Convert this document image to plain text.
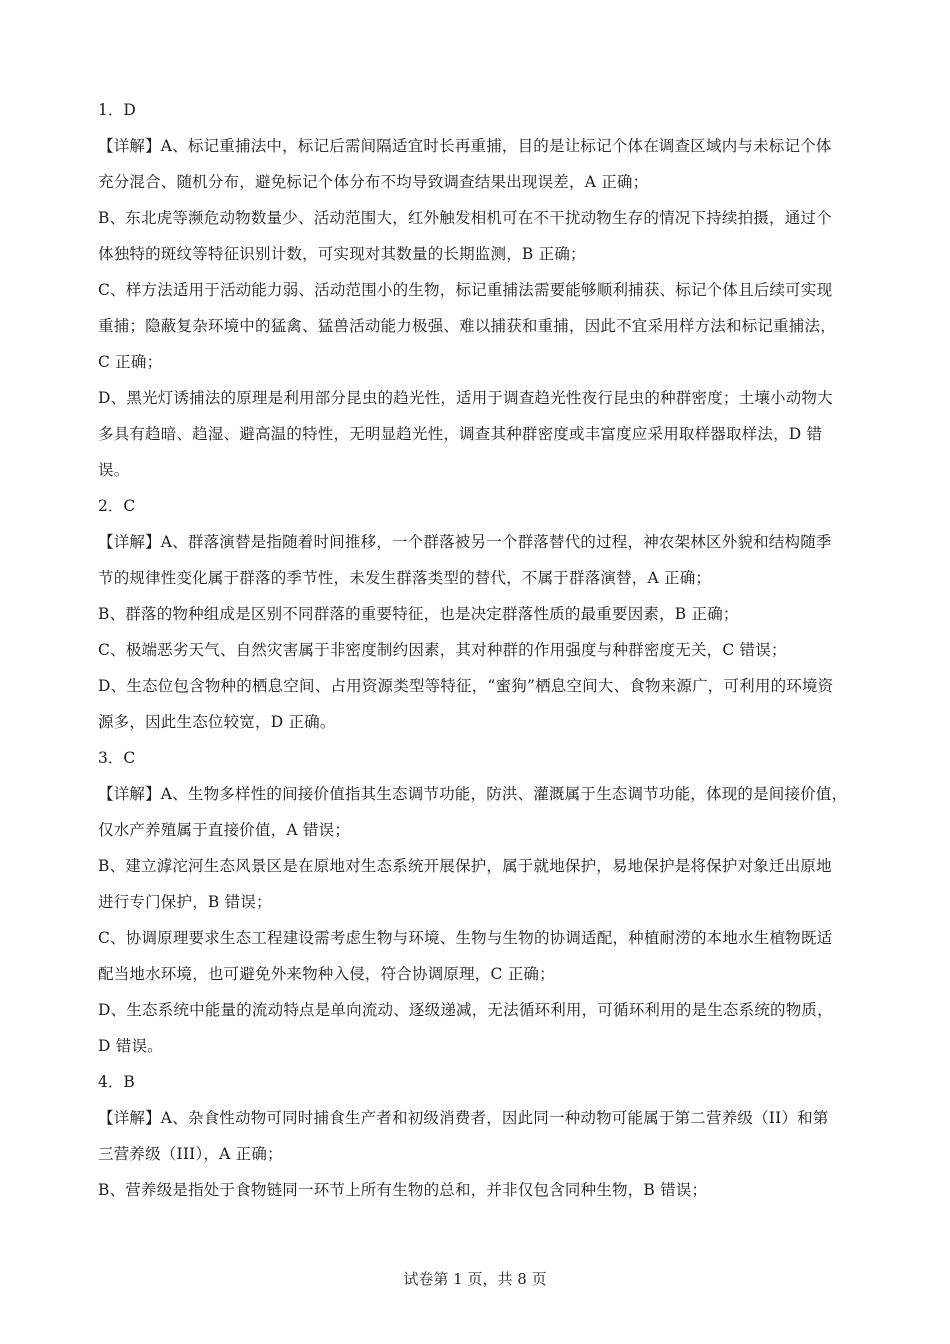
1．D
【详解】A、标记重捕法中，标记后需间隔适宜时长再重捕，目的是让标记个体在调查区域内与未标记个体
充分混合、随机分布，避免标记个体分布不均导致调查结果出现误差，A 正确；
B、东北虎等濒危动物数量少、活动范围大，红外触发相机可在不干扰动物生存的情况下持续拍摄，通过个
体独特的斑纹等特征识别计数，可实现对其数量的长期监测，B 正确；
C、样方法适用于活动能力弱、活动范围小的生物，标记重捕法需要能够顺利捕获、标记个体且后续可实现
重捕；隐蔽复杂环境中的猛禽、猛兽活动能力极强、难以捕获和重捕，因此不宜采用样方法和标记重捕法，
C 正确；
D、黑光灯诱捕法的原理是利用部分昆虫的趋光性，适用于调查趋光性夜行昆虫的种群密度；土壤小动物大
多具有趋暗、趋湿、避高温的特性，无明显趋光性，调查其种群密度或丰富度应采用取样器取样法，D 错
误。
2．C
【详解】A、群落演替是指随着时间推移，一个群落被另一个群落替代的过程，神农架林区外貌和结构随季
节的规律性变化属于群落的季节性，未发生群落类型的替代，不属于群落演替，A 正确；
B、群落的物种组成是区别不同群落的重要特征，也是决定群落性质的最重要因素，B 正确；
C、极端恶劣天气、自然灾害属于非密度制约因素，其对种群的作用强度与种群密度无关，C 错误；
D、生态位包含物种的栖息空间、占用资源类型等特征，“蜜狗”栖息空间大、食物来源广，可利用的环境资
源多，因此生态位较宽，D 正确。
3．C
【详解】A、生物多样性的间接价值指其生态调节功能，防洪、灌溉属于生态调节功能，体现的是间接价值，
仅水产养殖属于直接价值，A 错误；
B、建立滹沱河生态风景区是在原地对生态系统开展保护，属于就地保护，易地保护是将保护对象迁出原地
进行专门保护，B 错误；
C、协调原理要求生态工程建设需考虑生物与环境、生物与生物的协调适配，种植耐涝的本地水生植物既适
配当地水环境，也可避免外来物种入侵，符合协调原理，C 正确；
D、生态系统中能量的流动特点是单向流动、逐级递减，无法循环利用，可循环利用的是生态系统的物质，
D 错误。
4．B
【详解】A、杂食性动物可同时捕食生产者和初级消费者，因此同一种动物可能属于第二营养级（II）和第
三营养级（III），A 正确；
B、营养级是指处于食物链同一环节上所有生物的总和，并非仅包含同种生物，B 错误；
试卷第 1 页，共 8 页
